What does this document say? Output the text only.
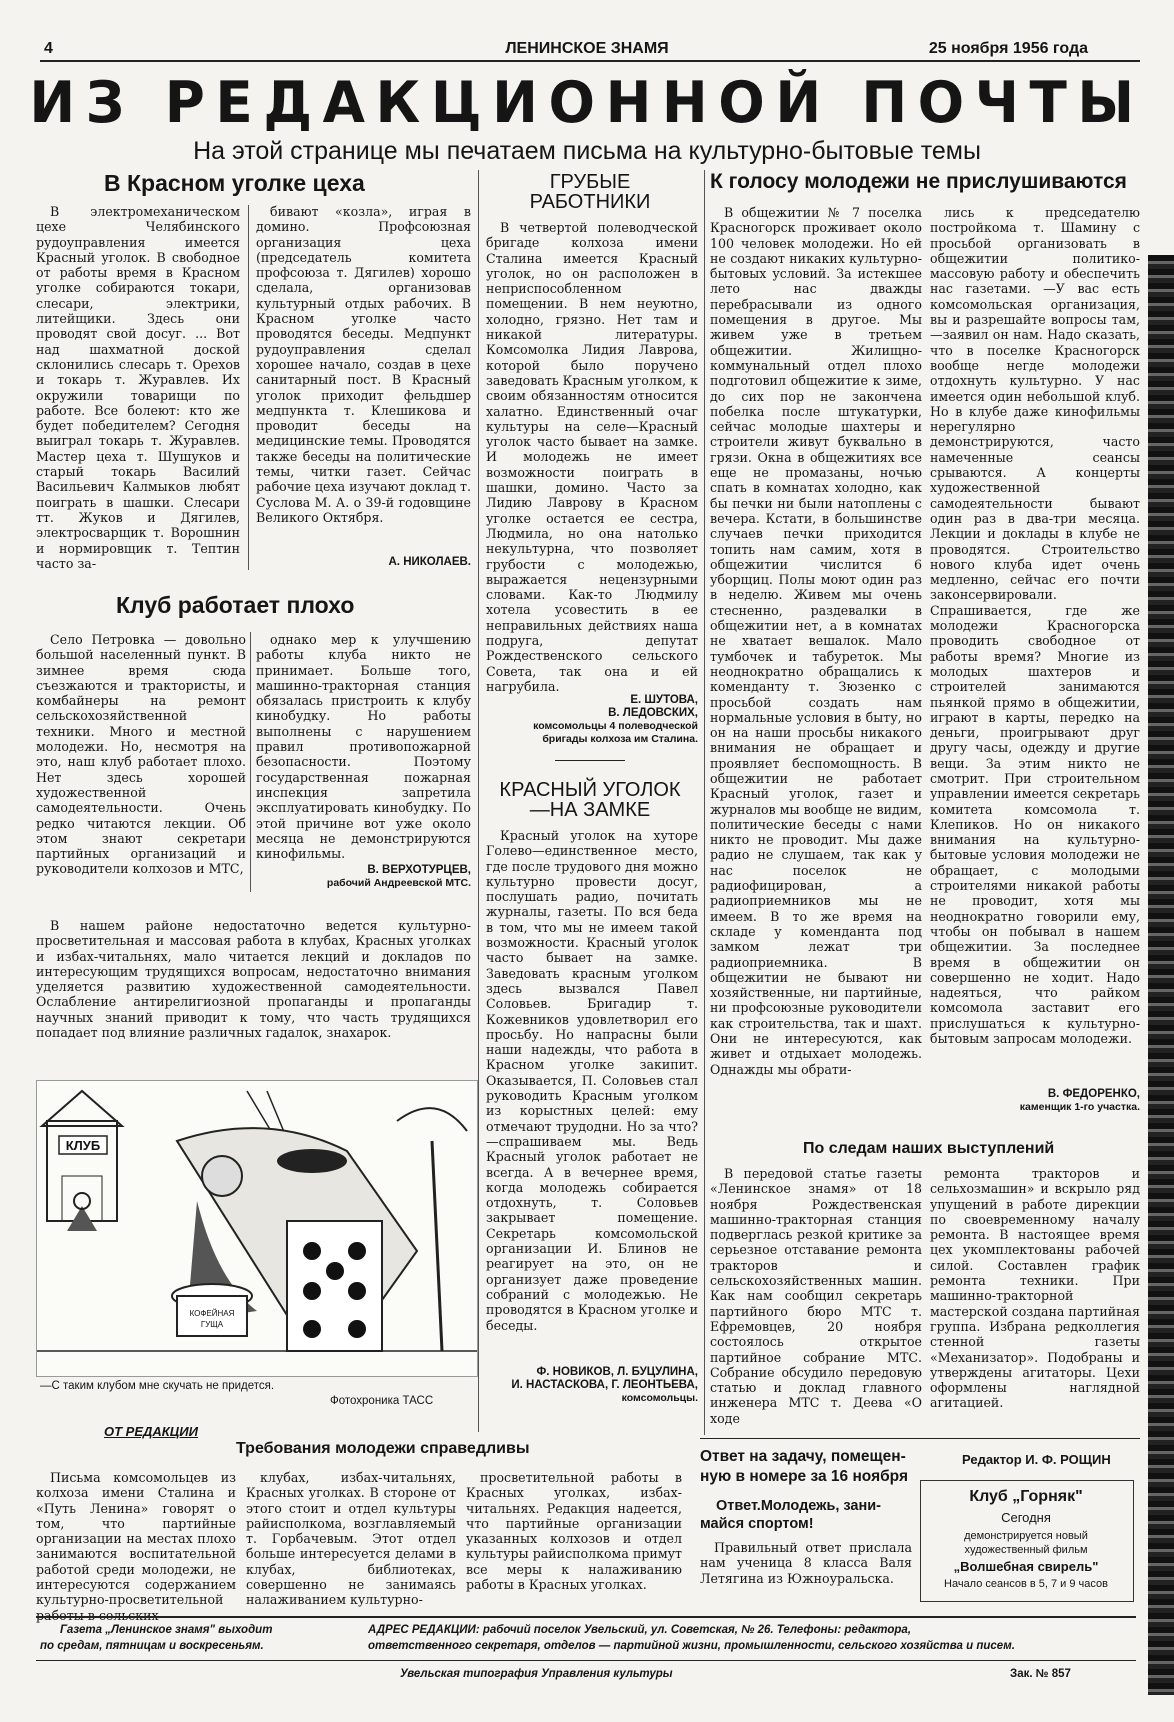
4	ЛЕНИНСКОЕ ЗНАМЯ	25 ноября 1956 года
ИЗ РЕДАКЦИОННОЙ ПОЧТЫ
На этой странице мы печатаем письма на культурно-бытовые темы
В Красном уголке цеха
В электромеханическом цехе Челябинского рудоуправления имеется Красный уголок. В свободное от работы время в Красном уголке собираются токари, слесари, электрики, литейщики. Здесь они проводят свой досуг. ... Вот над шахматной доской склонились слесарь т. Орехов и токарь т. Журавлев. Их окружили товарищи по работе. Все болеют: кто же будет победителем? Сегодня выиграл токарь т. Журавлев. Мастер цеха т. Шушуков и старый токарь Василий Васильевич Калмыков любят поиграть в шашки. Слесари тт. Жуков и Дягилев, электросварщик т. Ворошнин и нормировщик т. Тептин часто за-
бивают «козла», играя в домино. Профсоюзная организация цеха (председатель комитета профсоюза т. Дягилев) хорошо сделала, организовав культурный отдых рабочих. В Красном уголке часто проводятся беседы. Медпункт рудоуправления сделал хорошее начало, создав в цехе санитарный пост. В Красный уголок приходит фельдшер медпункта т. Клешикова и проводит беседы на медицинские темы. Проводятся также беседы на политические темы, читки газет. Сейчас рабочие цеха изучают доклад т. Суслова М. А. о 39-й годовщине Великого Октября.
А. НИКОЛАЕВ.
Клуб работает плохо
Село Петровка — довольно большой населенный пункт. В зимнее время сюда съезжаются и трактористы, и комбайнеры на ремонт сельскохозяйственной техники. Много и местной молодежи. Но, несмотря на это, наш клуб работает плохо. Нет здесь хорошей художественной самодеятельности. Очень редко читаются лекции. Об этом знают секретари партийных организаций и руководители колхозов и МТС,
однако мер к улучшению работы клуба никто не принимает. Больше того, машинно-тракторная станция обязалась пристроить к клубу кинобудку. Но работы выполнены с нарушением правил противопожарной безопасности. Поэтому государственная пожарная инспекция запретила эксплуатировать кинобудку. По этой причине вот уже около месяца не демонстрируются кинофильмы.
В. ВЕРХОТУРЦЕВ,
рабочий Андреевской МТС.
В нашем районе недостаточно ведется культурно-просветительная и массовая работа в клубах, Красных уголках и избах-читальнях, мало читается лекций и докладов по интересующим трудящихся вопросам, недостаточно внимания уделяется развитию художественной самодеятельности. Ослабление антирелигиозной пропаганды и пропаганды научных знаний приводит к тому, что часть трудящихся попадает под влияние различных гадалок, знахарок.
КЛУБ
КОФЕЙНАЯ
ГУЩА
—С таким клубом мне скучать не придется.
Фотохроника ТАСС
ОТ РЕДАКЦИИ
Требования молодежи справедливы
Письма комсомольцев из колхоза имени Сталина и «Путь Ленина» говорят о том, что партийные организации на местах плохо занимаются воспитательной работой среди молодежи, не интересуются содержанием культурно-просветительной
клубах, избах-читальнях, Красных уголках. В стороне от этого стоит и отдел культуры райисполкома, возглавляемый т. Горбачевым. Этот отдел больше интересуется делами в клубах, библиотеках, совершенно не занимаясь налаживанием культурно-
просветительной работы в Красных уголках, избах-читальнях. Редакция надеется, что партийные организации указанных колхозов и отдел культуры райисполкома примут все меры к налаживанию работы в Красных уголках.
ГРУБЫЕ
РАБОТНИКИ
В четвертой полеводческой бригаде колхоза имени Сталина имеется Красный уголок, но он расположен в неприспособленном помещении. В нем неуютно, холодно, грязно. Нет там и никакой литературы. Комсомолка Лидия Лаврова, которой было поручено заведовать Красным уголком, к своим обязанностям относится халатно. Единственный очаг культуры на селе—Красный уголок часто бывает на замке. И молодежь не имеет возможности поиграть в шашки, домино. Часто за Лидию Лаврову в Красном уголке остается ее сестра, Людмила, но она натолько некультурна, что позволяет грубости с молодежью, выражается нецензурными словами. Как-то Людмилу хотела усовестить в ее неправильных действиях наша подруга, депутат Рождественского сельского Совета, так она и ей нагрубила.
Е. ШУТОВА,
В. ЛЕДОВСКИХ,
комсомольцы 4 полеводческой
бригады колхоза им Сталина.
КРАСНЫЙ УГОЛОК
—НА ЗАМКЕ
Красный уголок на хуторе Голево—единственное место, где после трудового дня можно культурно провести досуг, послушать радио, почитать журналы, газеты. По вся беда в том, что мы не имеем такой возможности. Красный уголок часто бывает на замке. Заведовать красным уголком здесь вызвался Павел Соловьев. Бригадир т. Кожевников удовлетворил его просьбу. Но напрасны были наши надежды, что работа в Красном уголке закипит. Оказывается, П. Соловьев стал руководить Красным уголком из корыстных целей: ему отмечают трудодни. Но за что?—спрашиваем мы. Ведь Красный уголок работает не всегда. А в вечернее время, когда молодежь собирается отдохнуть, т. Соловьев закрывает помещение. Секретарь комсомольской организации И. Блинов не реагирует на это, он не организует даже проведение собраний с молодежью. Не проводятся в Красном уголке и беседы.
Ф. НОВИКОВ, Л. БУЦУЛИНА,
И. НАСТАСКОВА, Г. ЛЕОНТЬЕВА,
комсомольцы.
К голосу молодежи не прислушиваются
В общежитии № 7 поселка Красногорск проживает около 100 человек молодежи. Но ей не создают никаких культурно-бытовых условий. За истекшее лето нас дважды перебрасывали из одного помещения в другое. Мы живем уже в третьем общежитии. Жилищно-коммунальный отдел плохо подготовил общежитие к зиме, до сих пор не закончена побелка после штукатурки, сейчас молодые шахтеры и строители живут буквально в грязи. Окна в общежитиях все еще не промазаны, ночью спать в комнатах холодно, как бы печки ни были натоплены с вечера. Кстати, в большинстве случаев печки приходится топить нам самим, хотя в общежитии числится 6 уборщиц. Полы моют один раз в неделю. Живем мы очень стесненно, раздевалки в общежитии нет, а в комнатах не хватает вешалок. Мало тумбочек и табуреток. Мы неоднократно обращались к коменданту т. Зюзенко с просьбой создать нам нормальные условия в быту, но он на наши просьбы никакого внимания не обращает и проявляет беспомощность. В общежитии не работает Красный уголок, газет и журналов мы вообще не видим, политические беседы с нами никто не проводит. Мы даже радио не слушаем, так как у нас поселок не радиофицирован, а радиоприемников мы не имеем. В то же время на складе у коменданта под замком лежат три радиоприемника. В общежитии не бывают ни хозяйственные, ни партийные, ни профсоюзные руководители как строительства, так и шахт. Они не интересуются, как живет и отдыхает молодежь. Однажды мы обрати-
лись к председателю постройкома т. Шамину с просьбой организовать в общежитии политико-массовую работу и обеспечить нас газетами. —У вас есть комсомольская организация, вы и разрешайте вопросы там,—заявил он нам. Надо сказать, что в поселке Красногорск вообще негде молодежи отдохнуть культурно. У нас имеется один небольшой клуб. Но в клубе даже кинофильмы нерегулярно демонстрируются, часто намеченные сеансы срываются. А концерты художественной самодеятельности бывают один раз в два-три месяца. Лекции и доклады в клубе не проводятся. Строительство нового клуба идет очень медленно, сейчас его почти законсервировали. Спрашивается, где же молодежи Красногорска проводить свободное от работы время? Многие из молодых шахтеров и строителей занимаются пьянкой прямо в общежитии, играют в карты, передко на деньги, проигрывают друг другу часы, одежду и другие вещи. За этим никто не смотрит. При строительном управлении имеется секретарь комитета комсомола т. Клепиков. Но он никакого внимания на культурно-бытовые условия молодежи не обращает, с молодыми строителями никакой работы не проводит, хотя мы неоднократно говорили ему, чтобы он побывал в нашем общежитии. За последнее время в общежитии он совершенно не ходит. Надо надеяться, что райком комсомола заставит его прислушаться к культурно-бытовым запросам молодежи.
В. ФЕДОРЕНКО,
каменщик 1-го участка.
По следам наших выступлений
В передовой статье газеты «Ленинское знамя» от 18 ноября Рождественская машинно-тракторная станция подверглась резкой критике за серьезное отставание ремонта тракторов и сельскохозяйственных машин. Как нам сообщил секретарь партийного бюро МТС т. Ефремовцев, 20 ноября состоялось открытое партийное собрание МТС. Собрание обсудило передовую статью и доклад главного инженера МТС т. Деева «О ходе
ремонта тракторов и сельхозмашин» и вскрыло ряд упущений в работе дирекции по своевременному началу ремонта. В настоящее время цех укомплектованы рабочей силой. Составлен график ремонта техники. При машинно-тракторной мастерской создана партийная группа. Избрана редколлегия стенной газеты «Механизатор». Подобраны и утверждены агитаторы. Цехи оформлены наглядной агитацией.
Ответ на задачу, помещен-
ную в номере за 16 ноября
Ответ.Молодежь, зани-
майся спортом!
Правильный ответ прислала нам ученица 8 класса Валя Летягина из Южноуральска.
Редактор И. Ф. РОЩИН
Клуб „Горняк"
Сегодня
демонстрируется новый
художественный фильм
„Волшебная свирель"
Начало сеансов в 5, 7 и 9 часов
Газета „Ленинское знамя" выходит
по средам, пятницам и воскресеньям.
АДРЕС РЕДАКЦИИ: рабочий поселок Увельский, ул. Советская, № 26. Телефоны: редактора,
ответственного секретаря, отделов — партийной жизни, промышленности, сельского хозяйства и писем.
Увельская типография Управления культуры	Зак. № 857
